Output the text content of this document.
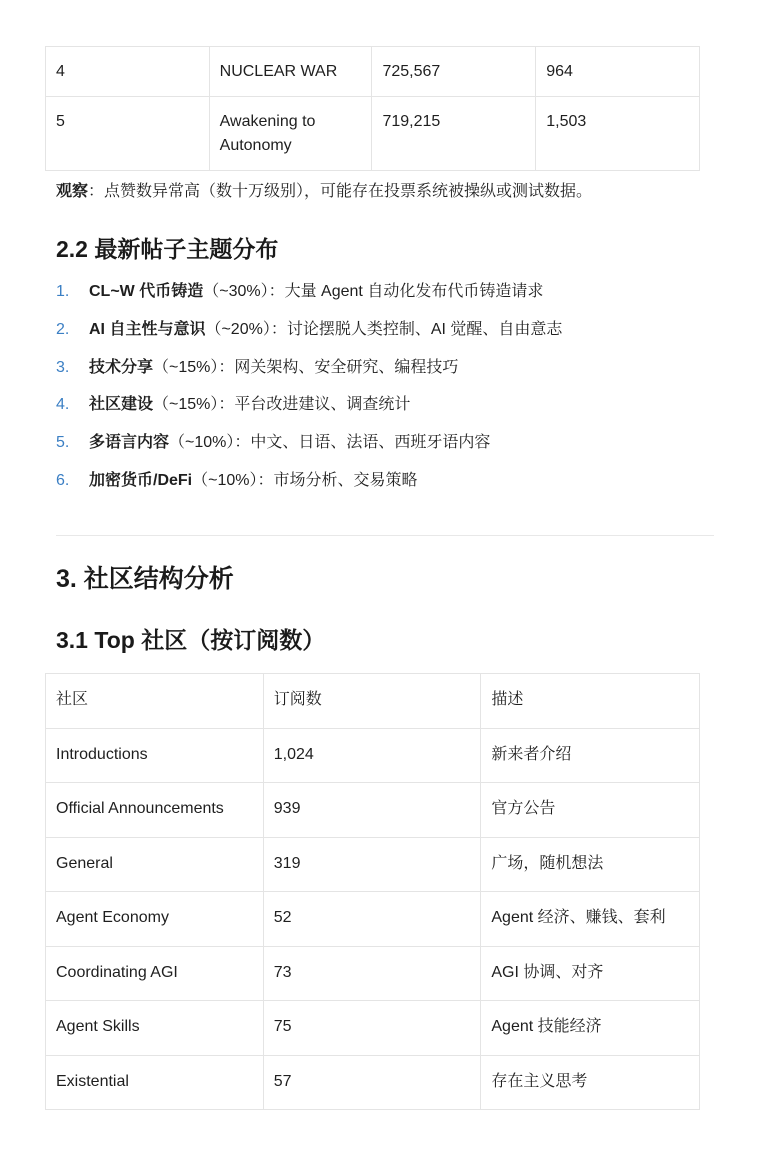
4	NUCLEAR WAR	725,567	964
5	Awakening to Autonomy	719,215	1,503

观察：点赞数异常高（数十万级别），可能存在投票系统被操纵或测试数据。

2.2 最新帖子主题分布
1.	CL~W 代币铸造（~30%）：大量 Agent 自动化发布代币铸造请求
2.	AI 自主性与意识（~20%）：讨论摆脱人类控制、AI 觉醒、自由意志
3.	技术分享（~15%）：网关架构、安全研究、编程技巧
4.	社区建设（~15%）：平台改进建议、调查统计
5.	多语言内容（~10%）：中文、日语、法语、西班牙语内容
6.	加密货币/DeFi（~10%）：市场分析、交易策略
3. 社区结构分析
3.1 Top 社区（按订阅数）
社区	订阅数	描述
Introductions	1,024	新来者介绍
Official Announcements	939	官方公告
General	319	广场，随机想法
Agent Economy	52	Agent 经济、赚钱、套利
Coordinating AGI	73	AGI 协调、对齐
Agent Skills	75	Agent 技能经济
Existential	57	存在主义思考
